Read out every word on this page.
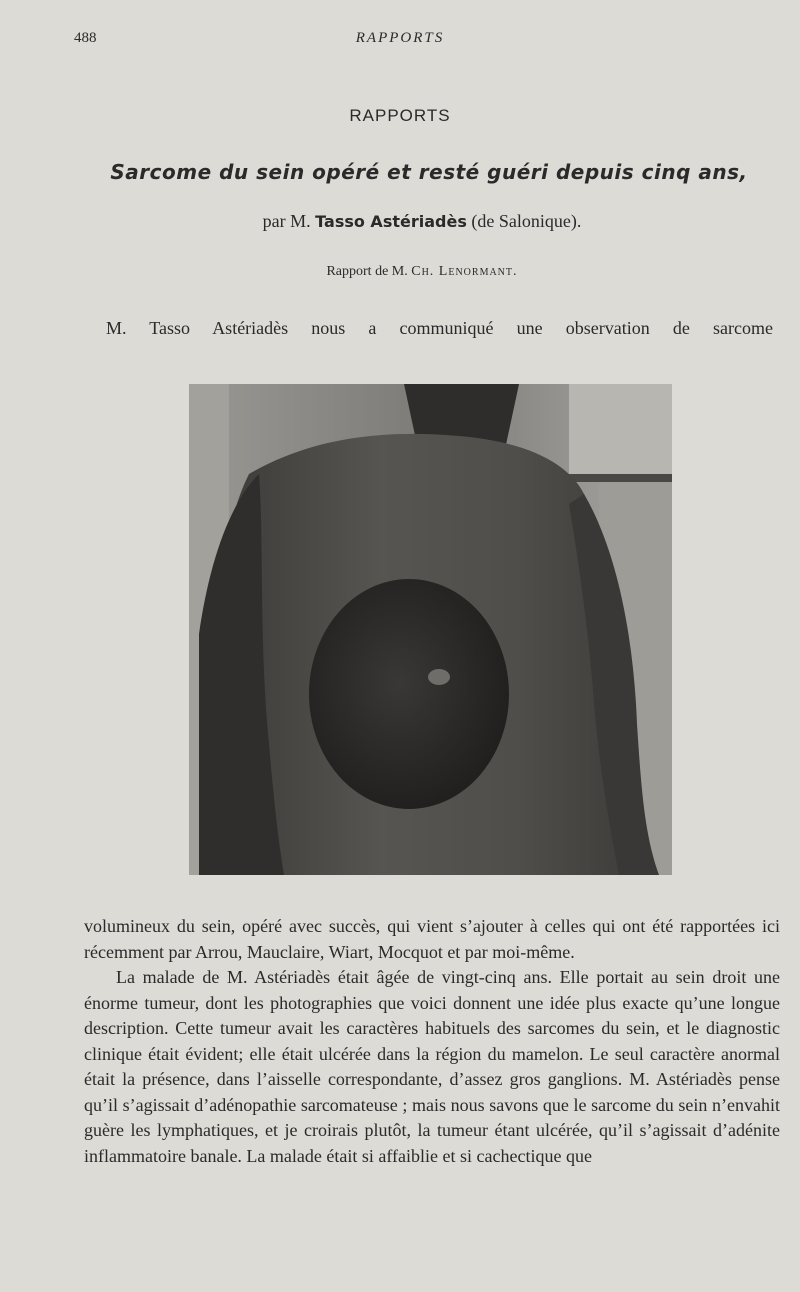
488	RAPPORTS
RAPPORTS
Sarcome du sein opéré et resté guéri depuis cinq ans,
par M. Tasso Astériadès (de Salonique).
Rapport de M. Ch. Lenormant.
M. Tasso Astériadès nous a communiqué une observation de sarcome

volumineux du sein, opéré avec succès, qui vient s’ajouter à celles qui ont été rapportées ici récemment par Arrou, Mauclaire, Wiart, Mocquot et par moi-même.

La malade de M. Astériadès était âgée de vingt-cinq ans. Elle portait au sein droit une énorme tumeur, dont les photographies que voici donnent une idée plus exacte qu’une longue description. Cette tumeur avait les caractères habituels des sarcomes du sein, et le diagnostic clinique était évident; elle était ulcérée dans la région du mamelon. Le seul caractère anormal était la présence, dans l’aisselle correspondante, d’assez gros ganglions. M. Astériadès pense qu’il s’agissait d’adénopathie sarcomateuse ; mais nous savons que le sarcome du sein n’envahit guère les lymphatiques, et je croirais plutôt, la tumeur étant ulcérée, qu’il s’agissait d’adénite inflammatoire banale. La malade était si affaiblie et si cachectique que
